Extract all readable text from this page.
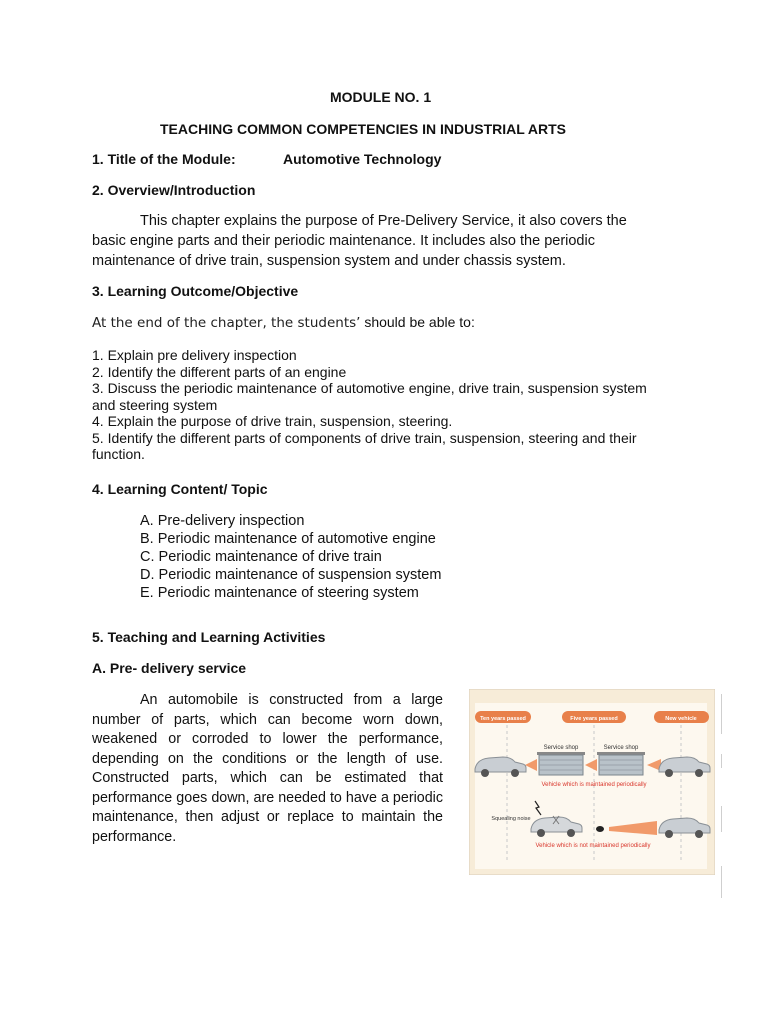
MODULE NO. 1
TEACHING COMMON COMPETENCIES IN INDUSTRIAL ARTS
1. Title of the Module:	Automotive Technology
2. Overview/Introduction
This chapter explains the purpose of Pre-Delivery Service, it also covers the basic engine parts and their periodic maintenance. It includes also the periodic maintenance of drive train, suspension system and under chassis system.
3. Learning Outcome/Objective
At the end of the chapter, the students’ should be able to:
1. Explain pre delivery inspection
2. Identify the different parts of an engine
3. Discuss the periodic maintenance of automotive engine, drive train, suspension system and steering system
4. Explain the purpose of drive train, suspension, steering.
5. Identify the different parts of components of drive train, suspension, steering and their function.
4. Learning Content/ Topic
A. Pre-delivery inspection
B. Periodic maintenance of automotive engine
C. Periodic maintenance of drive train
D. Periodic maintenance of suspension system
E. Periodic maintenance of steering system
5. Teaching and Learning Activities
A. Pre- delivery service
An automobile is constructed from a large number of parts, which can become worn down, weakened or corroded to lower the performance, depending on the conditions or the length of use. Constructed parts, which can be estimated that performance goes down, are needed to have a periodic maintenance, then adjust or replace to maintain the performance.
Ten years passed	Five years passed	New vehicle
Service shop	Service shop
Vehicle which is maintained periodically
Squealing noise
Vehicle which is not maintained periodically
